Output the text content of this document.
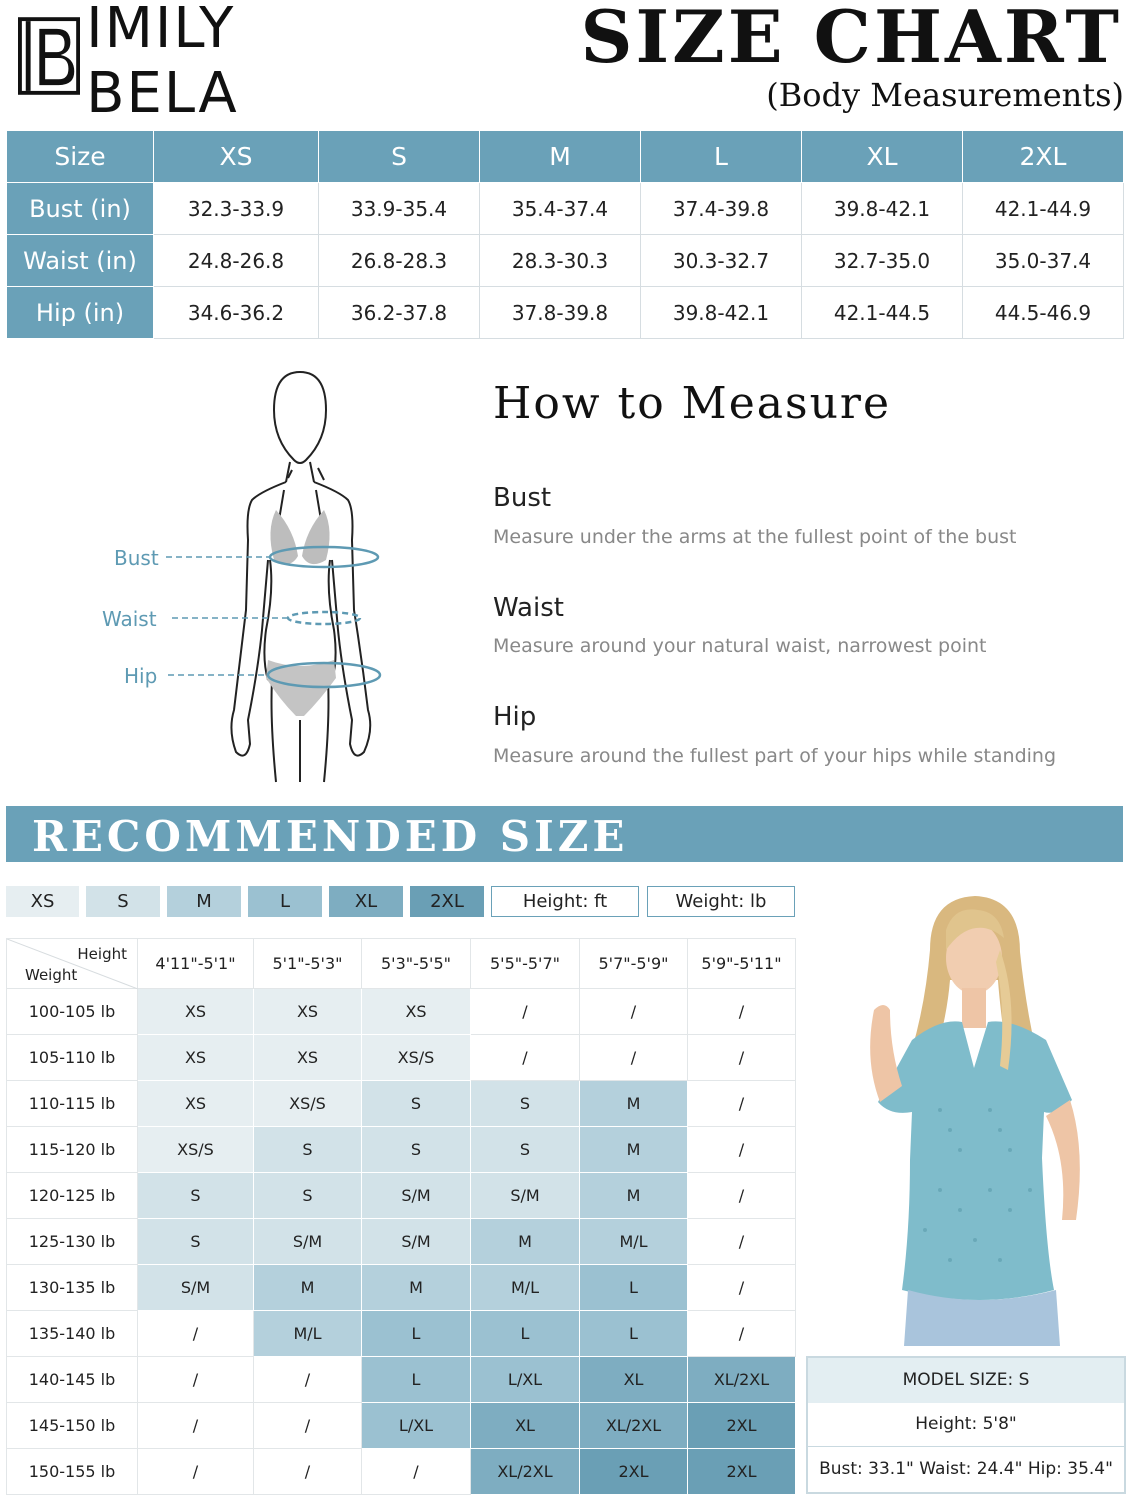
IMILY BELA
SIZE CHART
(Body Measurements)
Size	XS	S	M	L	XL	2XL
Bust (in)	32.3-33.9	33.9-35.4	35.4-37.4	37.4-39.8	39.8-42.1	42.1-44.9
Waist (in)	24.8-26.8	26.8-28.3	28.3-30.3	30.3-32.7	32.7-35.0	35.0-37.4
Hip (in)	34.6-36.2	36.2-37.8	37.8-39.8	39.8-42.1	42.1-44.5	44.5-46.9
Bust
Waist
Hip
How to Measure
Bust
Measure under the arms at the fullest point of the bust
Waist
Measure around your natural waist, narrowest point
Hip
Measure around the fullest part of your hips while standing
RECOMMENDED SIZE
XS	S	M	L	XL	2XL	Height: ft	Weight: lb
Height
Weight	4'11"-5'1"	5'1"-5'3"	5'3"-5'5"	5'5"-5'7"	5'7"-5'9"	5'9"-5'11"
100-105 lb	XS	XS	XS	/	/	/
105-110 lb	XS	XS	XS/S	/	/	/
110-115 lb	XS	XS/S	S	S	M	/
115-120 lb	XS/S	S	S	S	M	/
120-125 lb	S	S	S/M	S/M	M	/
125-130 lb	S	S/M	S/M	M	M/L	/
130-135 lb	S/M	M	M	M/L	L	/
135-140 lb	/	M/L	L	L	L	/
140-145 lb	/	/	L	L/XL	XL	XL/2XL
145-150 lb	/	/	L/XL	XL	XL/2XL	2XL
150-155 lb	/	/	/	XL/2XL	2XL	2XL
MODEL SIZE: S
Height: 5'8"
Bust: 33.1" Waist: 24.4" Hip: 35.4"
